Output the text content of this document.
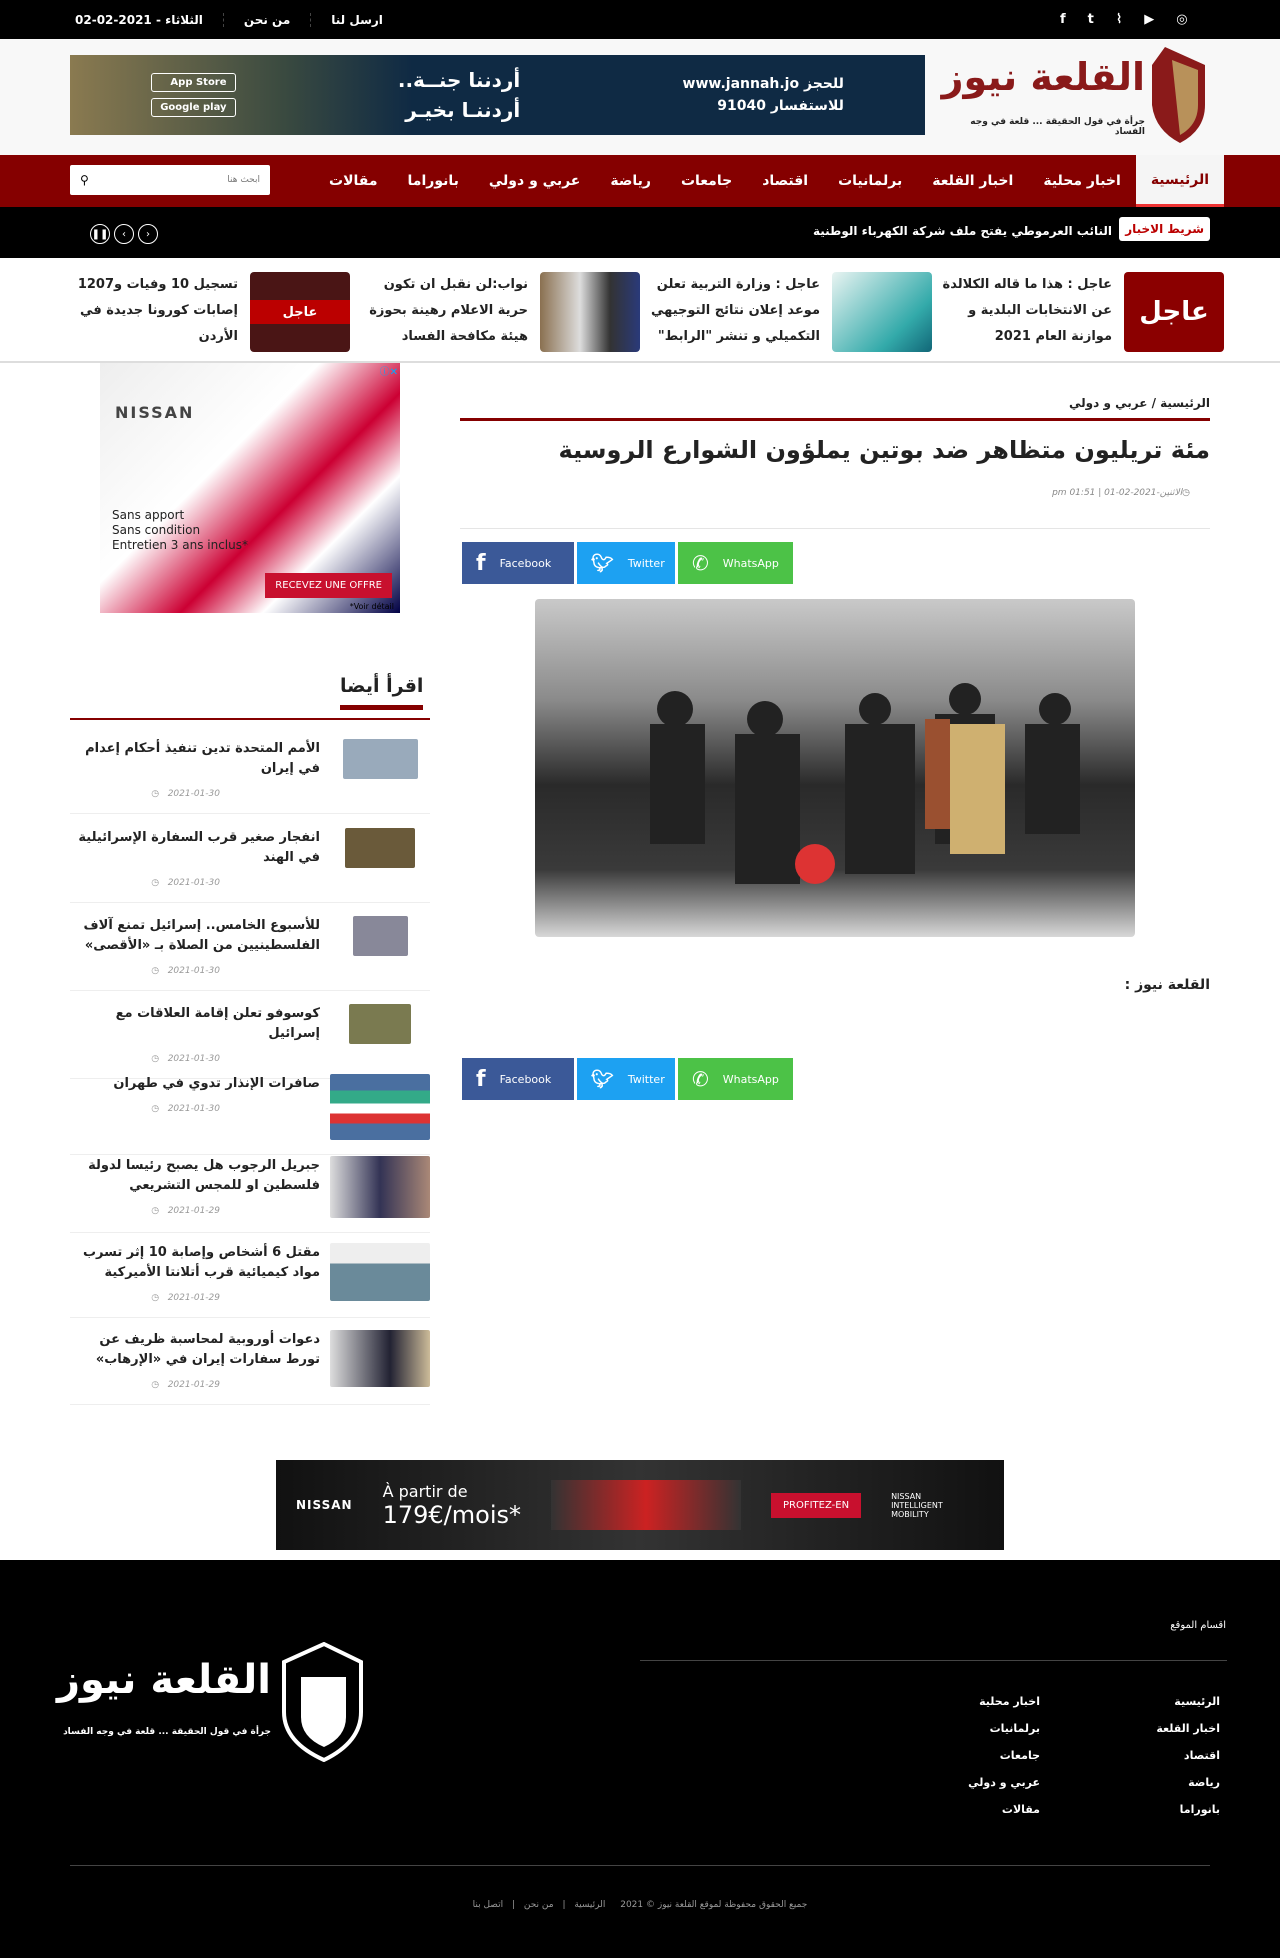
ارسل لنا
من نحن
الثلاثاء - 2021-02-02	f t ⌇ ▶ ◎
App Store
Google play
أردننا جنــة..
أردننـا بخيـر
للحجز www.jannah.jo
للاستفسار 91040
القلعة نيوز
جرأة في قول الحقيقة ... قلعة في وجه الفساد
الرئيسية
اخبار محلية
اخبار القلعة
برلمانيات
اقتصاد
جامعات
رياضة
عربي و دولي
بانوراما
مقالات
⚲	ابحث هنا
شريط الاخبار
النائب العرموطي يفتح ملف شركة الكهرباء الوطنية
❚❚	‹	›
عاجل
عاجل : هذا ما قاله الكلالدة عن الانتخابات البلدية و موازنة العام 2021
عاجل : وزارة التربية تعلن موعد إعلان نتائج التوجيهي التكميلي و تنشر "الرابط"
نواب:لن نقبل ان تكون حرية الاعلام رهينة بحوزة هيئة مكافحة الفساد
عاجل
تسجيل 10 وفيات و1207 إصابات كورونا جديدة في الأردن
الرئيسية / عربي و دولي
مئة تريليون متظاهر ضد بوتين يملؤون الشوارع الروسية
◷الاثنين-2021-02-01 | 01:51 pm
f Facebook 🐦︎ Twitter ✆ WhatsApp
القلعة نيوز :
f Facebook 🐦︎ Twitter ✆ WhatsApp
NISSAN
Sans apport
Sans condition
Entretien 3 ans inclus*
RECEVEZ UNE OFFRE
*Voir détail
ⓘ✕
اقرأ أيضا
الأمم المتحدة تدين تنفيذ أحكام إعدام في إيران
2021-01-30   ◷
انفجار صغير قرب السفارة الإسرائيلية في الهند
2021-01-30   ◷
للأسبوع الخامس.. إسرائيل تمنع آلاف الفلسطينيين من الصلاة بـ «الأقصى»
2021-01-30   ◷
كوسوفو تعلن إقامة العلاقات مع إسرائيل
2021-01-30   ◷
صافرات الإنذار تدوي في طهران
2021-01-30   ◷
جبريل الرجوب هل يصبح رئيسا لدولة فلسطين او للمجس التشريعي
2021-01-29   ◷
مقتل 6 أشخاص وإصابة 10 إثر تسرب مواد كيميائية قرب أتلانتا الأميركية
2021-01-29   ◷
دعوات أوروبية لمحاسبة ظريف عن تورط سفارات إيران في «الإرهاب»
2021-01-29   ◷
NISSAN
À partir de
179€/mois*	PROFITEZ-EN
NISSAN INTELLIGENT MOBILITY
اقسام الموقع
الرئيسية
اخبار محلية
اخبار القلعة
برلمانيات
اقتصاد
جامعات
رياضة
عربي و دولي
بانوراما
مقالات
القلعة نيوز
جرأة في قول الحقيقة ... قلعة في وجه الفساد
جميع الحقوق محفوظة لموقع القلعة نيوز © 2021 الرئيسية | من نحن | اتصل بنا
